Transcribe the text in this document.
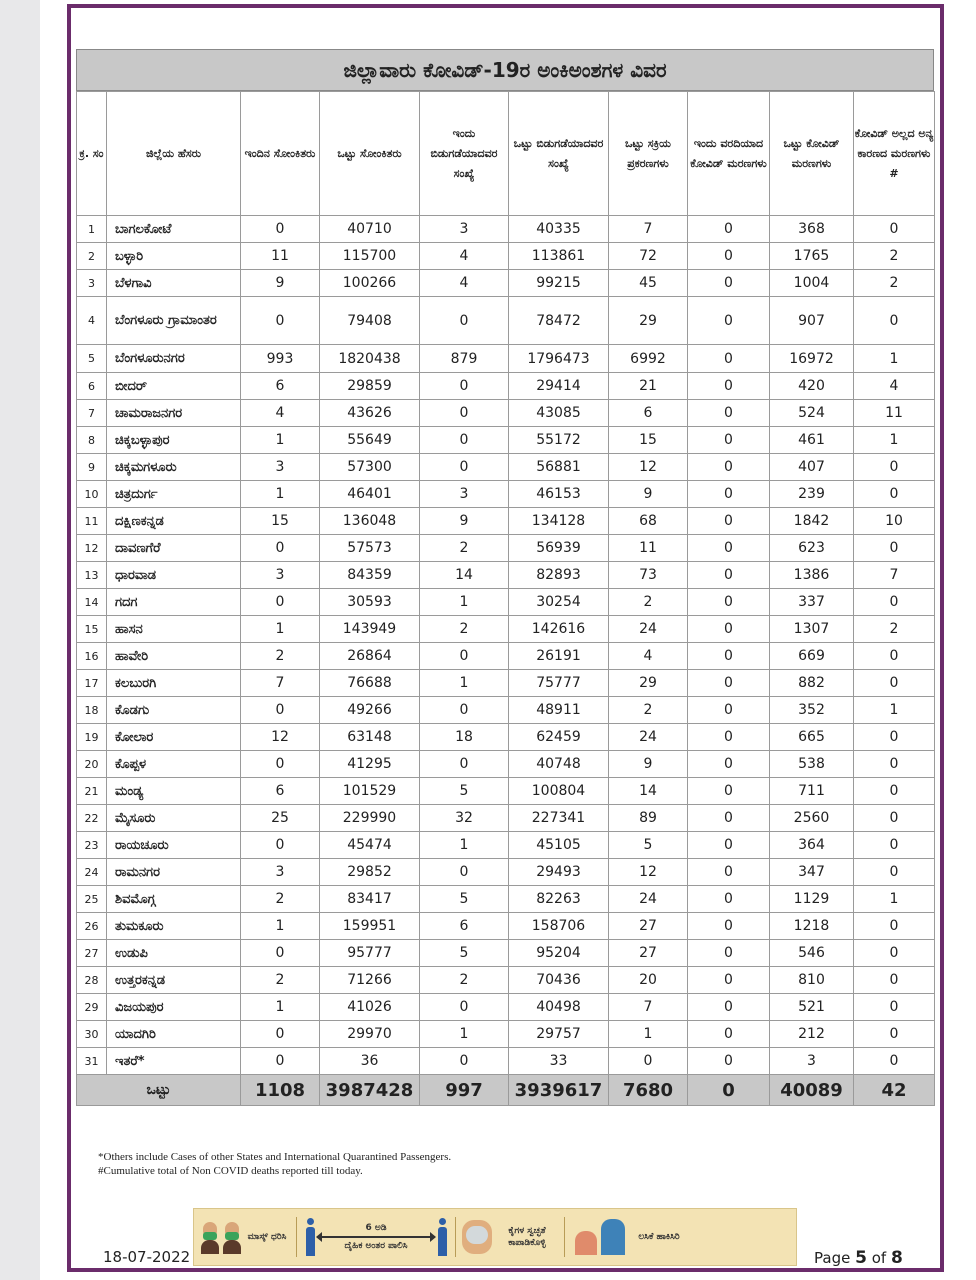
ಜಿಲ್ಲಾವಾರು ಕೋವಿಡ್-19ರ ಅಂಕಿಅಂಶಗಳ ವಿವರ
ಕ್ರ. ಸಂ	ಜಿಲ್ಲೆಯ ಹೆಸರು	ಇಂದಿನ ಸೋಂಕಿತರು	ಒಟ್ಟು ಸೋಂಕಿತರು	ಇಂದು ಬಿಡುಗಡೆಯಾದವರ ಸಂಖ್ಯೆ	ಒಟ್ಟು ಬಿಡುಗಡೆಯಾದವರ ಸಂಖ್ಯೆ	ಒಟ್ಟು ಸಕ್ರಿಯ ಪ್ರಕರಣಗಳು	ಇಂದು ವರದಿಯಾದ ಕೋವಿಡ್ ಮರಣಗಳು	ಒಟ್ಟು ಕೋವಿಡ್ ಮರಣಗಳು	ಕೋವಿಡ್ ಅಲ್ಲದ ಅನ್ಯ ಕಾರಣದ ಮರಣಗಳು #
1	ಬಾಗಲಕೋಟೆ	0	40710	3	40335	7	0	368	0
2	ಬಳ್ಳಾರಿ	11	115700	4	113861	72	0	1765	2
3	ಬೆಳಗಾವಿ	9	100266	4	99215	45	0	1004	2
4	ಬೆಂಗಳೂರು ಗ್ರಾಮಾಂತರ	0	79408	0	78472	29	0	907	0
5	ಬೆಂಗಳೂರುನಗರ	993	1820438	879	1796473	6992	0	16972	1
6	ಬೀದರ್	6	29859	0	29414	21	0	420	4
7	ಚಾಮರಾಜನಗರ	4	43626	0	43085	6	0	524	11
8	ಚಿಕ್ಕಬಳ್ಳಾಪುರ	1	55649	0	55172	15	0	461	1
9	ಚಿಕ್ಕಮಗಳೂರು	3	57300	0	56881	12	0	407	0
10	ಚಿತ್ರದುರ್ಗ	1	46401	3	46153	9	0	239	0
11	ದಕ್ಷಿಣಕನ್ನಡ	15	136048	9	134128	68	0	1842	10
12	ದಾವಣಗೆರೆ	0	57573	2	56939	11	0	623	0
13	ಧಾರವಾಡ	3	84359	14	82893	73	0	1386	7
14	ಗದಗ	0	30593	1	30254	2	0	337	0
15	ಹಾಸನ	1	143949	2	142616	24	0	1307	2
16	ಹಾವೇರಿ	2	26864	0	26191	4	0	669	0
17	ಕಲಬುರಗಿ	7	76688	1	75777	29	0	882	0
18	ಕೊಡಗು	0	49266	0	48911	2	0	352	1
19	ಕೋಲಾರ	12	63148	18	62459	24	0	665	0
20	ಕೊಪ್ಪಳ	0	41295	0	40748	9	0	538	0
21	ಮಂಡ್ಯ	6	101529	5	100804	14	0	711	0
22	ಮೈಸೂರು	25	229990	32	227341	89	0	2560	0
23	ರಾಯಚೂರು	0	45474	1	45105	5	0	364	0
24	ರಾಮನಗರ	3	29852	0	29493	12	0	347	0
25	ಶಿವಮೊಗ್ಗ	2	83417	5	82263	24	0	1129	1
26	ತುಮಕೂರು	1	159951	6	158706	27	0	1218	0
27	ಉಡುಪಿ	0	95777	5	95204	27	0	546	0
28	ಉತ್ತರಕನ್ನಡ	2	71266	2	70436	20	0	810	0
29	ವಿಜಯಪುರ	1	41026	0	40498	7	0	521	0
30	ಯಾದಗಿರಿ	0	29970	1	29757	1	0	212	0
31	ಇತರೆ*	0	36	0	33	0	0	3	0
ಒಟ್ಟು		1108	3987428	997	3939617	7680	0	40089	42
*Others include Cases of other States and International Quarantined Passengers.
#Cumulative total of Non COVID deaths reported till today.
ಮಾಸ್ಕ್ ಧರಿಸಿ
6 ಅಡಿ
ದೈಹಿಕ ಅಂತರ ಪಾಲಿಸಿ
ಕೈಗಳ ಸ್ವಚ್ಛತೆ ಕಾಪಾಡಿಕೊಳ್ಳಿ
ಲಸಿಕೆ ಹಾಕಿಸಿರಿ
18-07-2022	Page 5 of 8
